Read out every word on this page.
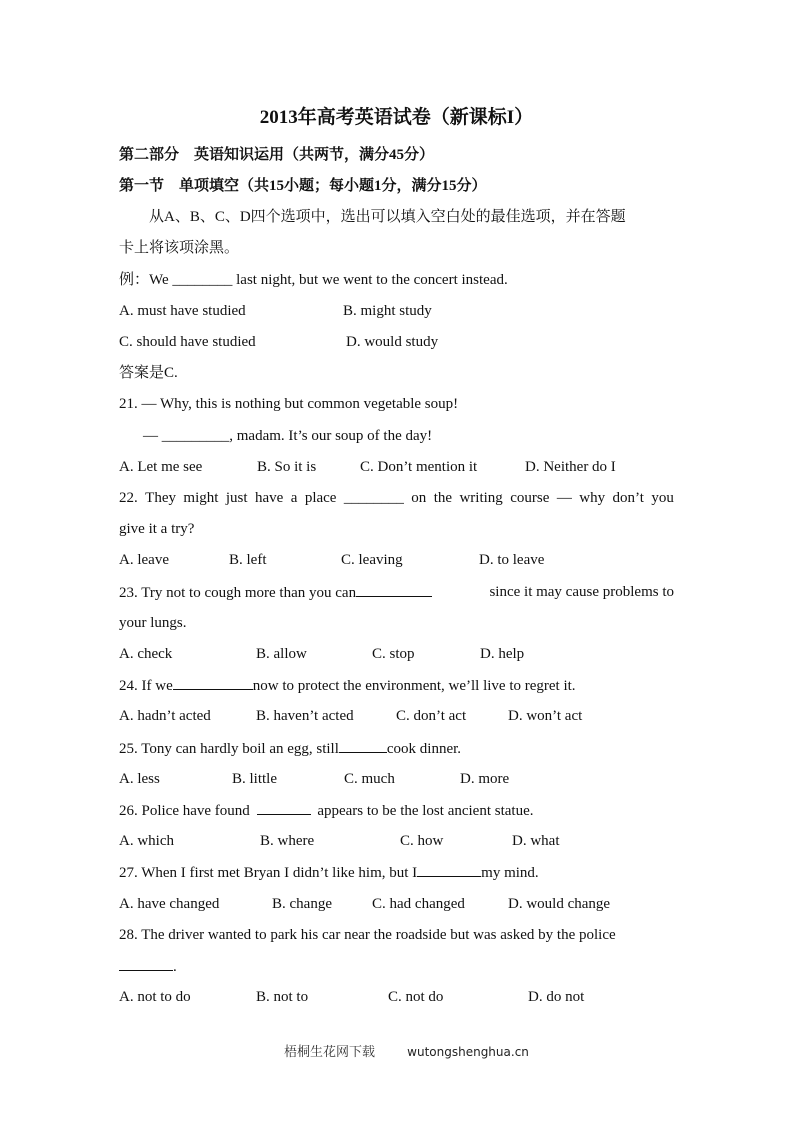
2013年高考英语试卷（新课标I）
第二部分　英语知识运用（共两节，满分45分）
第一节　单项填空（共15小题；每小题1分，满分15分）
从A、B、C、D四个选项中，选出可以填入空白处的最佳选项，并在答题
卡上将该项涂黑。
例：We ________ last night, but we went to the concert instead.
A. must have studied	B. might study
C. should have studied	D. would study
答案是C.
21. — Why, this is nothing but common vegetable soup!
— _________, madam. It’s our soup of the day!
A. Let me see	B. So it is	C. Don’t mention it	D. Neither do I
22. They might just have a place ________ on the writing course — why don’t you
give it a try?
A. leave	B. left	C. leaving	D. to leave
23. Try not to cough more than you can	since it may cause problems to
your lungs.
A. check	B. allow	C. stop	D. help
24. If we	now to protect the environment, we’ll live to regret it.
A. hadn’t acted	B. haven’t acted	C. don’t act	D. won’t act
25. Tony can hardly boil an egg, still	cook dinner.
A. less	B. little	C. much	D. more
26. Police have found	appears to be the lost ancient statue.
A. which	B. where	C. how	D. what
27. When I first met Bryan I didn’t like him, but I	my mind.
A. have changed	B. change	C. had changed	D. would change
28. The driver wanted to park his car near the roadside but was asked by the police
.
A. not to do	B. not to	C. not do	D. do not
梧桐生花网下载	wutongshenghua.cn
